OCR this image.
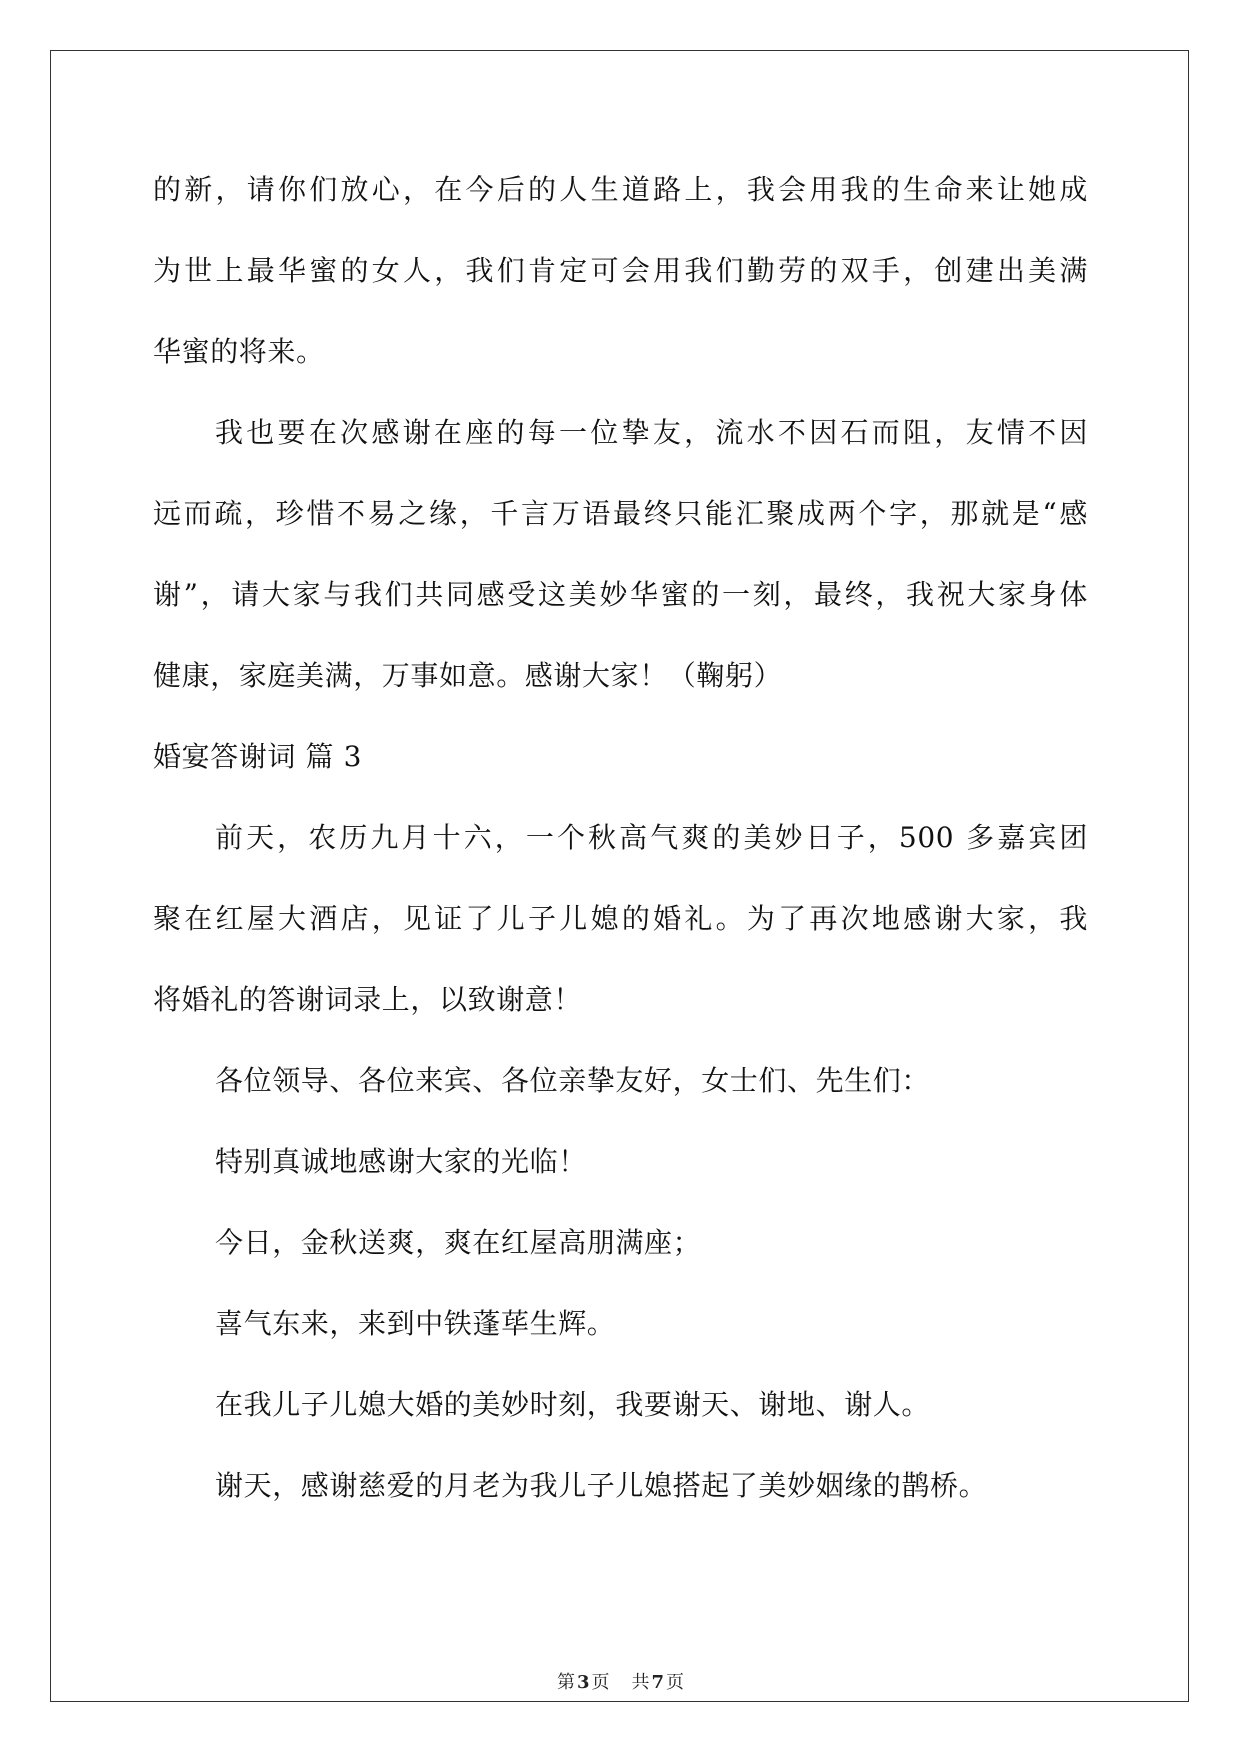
的新，请你们放心，在今后的人生道路上，我会用我的生命来让她成
为世上最华蜜的女人，我们肯定可会用我们勤劳的双手，创建出美满
华蜜的将来。
我也要在次感谢在座的每一位挚友，流水不因石而阻，友情不因
远而疏，珍惜不易之缘，千言万语最终只能汇聚成两个字，那就是“感
谢”，请大家与我们共同感受这美妙华蜜的一刻，最终，我祝大家身体
健康，家庭美满，万事如意。感谢大家！（鞠躬）
婚宴答谢词 篇 3
前天，农历九月十六，一个秋高气爽的美妙日子，500 多嘉宾团
聚在红屋大酒店，见证了儿子儿媳的婚礼。为了再次地感谢大家，我
将婚礼的答谢词录上，以致谢意！
各位领导、各位来宾、各位亲挚友好，女士们、先生们：
特别真诚地感谢大家的光临！
今日，金秋送爽，爽在红屋高朋满座；
喜气东来，来到中铁蓬荜生辉。
在我儿子儿媳大婚的美妙时刻，我要谢天、谢地、谢人。
谢天，感谢慈爱的月老为我儿子儿媳搭起了美妙姻缘的鹊桥。
第 3 页 共 7 页
